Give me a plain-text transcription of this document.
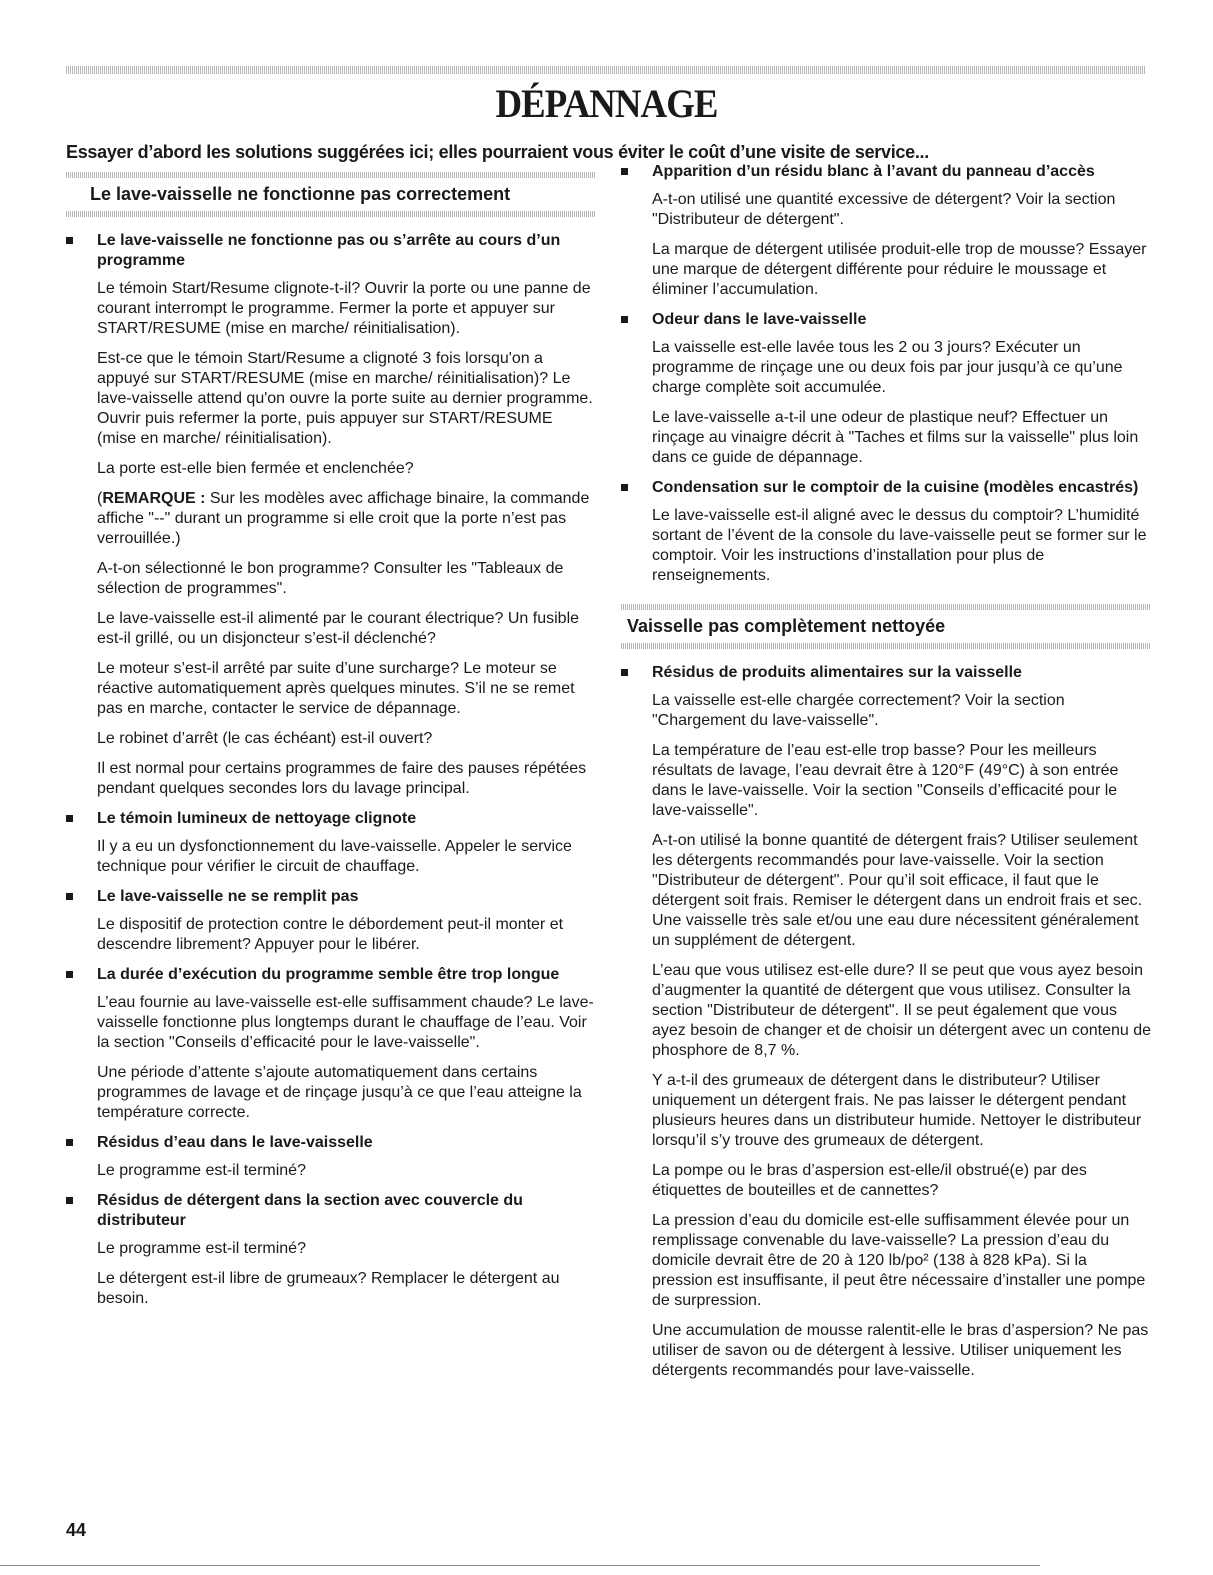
DÉPANNAGE
Essayer d’abord les solutions suggérées ici; elles pourraient vous éviter le coût d’une visite de service...
Le lave-vaisselle ne fonctionne pas correctement
Le lave-vaisselle ne fonctionne pas ou s’arrête au cours d’un programme

Le témoin Start/Resume clignote-t-il? Ouvrir la porte ou une panne de courant interrompt le programme. Fermer la porte et appuyer sur START/RESUME (mise en marche/ réinitialisation).

Est-ce que le témoin Start/Resume a clignoté 3 fois lorsqu'on a appuyé sur START/RESUME (mise en marche/ réinitialisation)? Le lave-vaisselle attend qu'on ouvre la porte suite au dernier programme. Ouvrir puis refermer la porte, puis appuyer sur START/RESUME (mise en marche/ réinitialisation).

La porte est-elle bien fermée et enclenchée?

(REMARQUE : Sur les modèles avec affichage binaire, la commande affiche "--" durant un programme si elle croit que la porte n’est pas verrouillée.)

A-t-on sélectionné le bon programme? Consulter les "Tableaux de sélection de programmes".

Le lave-vaisselle est-il alimenté par le courant électrique? Un fusible est-il grillé, ou un disjoncteur s’est-il déclenché?

Le moteur s’est-il arrêté par suite d’une surcharge? Le moteur se réactive automatiquement après quelques minutes. S’il ne se remet pas en marche, contacter le service de dépannage.

Le robinet d’arrêt (le cas échéant) est-il ouvert?

Il est normal pour certains programmes de faire des pauses répétées pendant quelques secondes lors du lavage principal.

Le témoin lumineux de nettoyage clignote

Il y a eu un dysfonctionnement du lave-vaisselle. Appeler le service technique pour vérifier le circuit de chauffage.

Le lave-vaisselle ne se remplit pas

Le dispositif de protection contre le débordement peut-il monter et descendre librement? Appuyer pour le libérer.

La durée d’exécution du programme semble être trop longue

L’eau fournie au lave-vaisselle est-elle suffisamment chaude? Le lave-vaisselle fonctionne plus longtemps durant le chauffage de l’eau. Voir la section "Conseils d’efficacité pour le lave-vaisselle".

Une période d’attente s’ajoute automatiquement dans certains programmes de lavage et de rinçage jusqu’à ce que l’eau atteigne la température correcte.

Résidus d’eau dans le lave-vaisselle

Le programme est-il terminé?

Résidus de détergent dans la section avec couvercle du distributeur

Le programme est-il terminé?

Le détergent est-il libre de grumeaux? Remplacer le détergent au besoin.

Apparition d’un résidu blanc à l’avant du panneau d’accès

A-t-on utilisé une quantité excessive de détergent? Voir la section "Distributeur de détergent".

La marque de détergent utilisée produit-elle trop de mousse? Essayer une marque de détergent différente pour réduire le moussage et éliminer l’accumulation.

Odeur dans le lave-vaisselle

La vaisselle est-elle lavée tous les 2 ou 3 jours? Exécuter un programme de rinçage une ou deux fois par jour jusqu’à ce qu’une charge complète soit accumulée.

Le lave-vaisselle a-t-il une odeur de plastique neuf? Effectuer un rinçage au vinaigre décrit à "Taches et films sur la vaisselle" plus loin dans ce guide de dépannage.

Condensation sur le comptoir de la cuisine (modèles encastrés)

Le lave-vaisselle est-il aligné avec le dessus du comptoir? L’humidité sortant de l’évent de la console du lave-vaisselle peut se former sur le comptoir. Voir les instructions d’installation pour plus de renseignements.

Vaisselle pas complètement nettoyée
Résidus de produits alimentaires sur la vaisselle

La vaisselle est-elle chargée correctement? Voir la section "Chargement du lave-vaisselle".

La température de l’eau est-elle trop basse? Pour les meilleurs résultats de lavage, l’eau devrait être à 120°F (49°C) à son entrée dans le lave-vaisselle. Voir la section "Conseils d’efficacité pour le lave-vaisselle".

A-t-on utilisé la bonne quantité de détergent frais? Utiliser seulement les détergents recommandés pour lave-vaisselle. Voir la section "Distributeur de détergent". Pour qu’il soit efficace, il faut que le détergent soit frais. Remiser le détergent dans un endroit frais et sec. Une vaisselle très sale et/ou une eau dure nécessitent généralement un supplément de détergent.

L’eau que vous utilisez est-elle dure? Il se peut que vous ayez besoin d’augmenter la quantité de détergent que vous utilisez. Consulter la section "Distributeur de détergent". Il se peut également que vous ayez besoin de changer et de choisir un détergent avec un contenu de phosphore de 8,7 %.

Y a-t-il des grumeaux de détergent dans le distributeur? Utiliser uniquement un détergent frais. Ne pas laisser le détergent pendant plusieurs heures dans un distributeur humide. Nettoyer le distributeur lorsqu’il s’y trouve des grumeaux de détergent.

La pompe ou le bras d’aspersion est-elle/il obstrué(e) par des étiquettes de bouteilles et de cannettes?

La pression d’eau du domicile est-elle suffisamment élevée pour un remplissage convenable du lave-vaisselle? La pression d’eau du domicile devrait être de 20 à 120 lb/po² (138 à 828 kPa). Si la pression est insuffisante, il peut être nécessaire d’installer une pompe de surpression.

Une accumulation de mousse ralentit-elle le bras d’aspersion? Ne pas utiliser de savon ou de détergent à lessive. Utiliser uniquement les détergents recommandés pour lave-vaisselle.

44
